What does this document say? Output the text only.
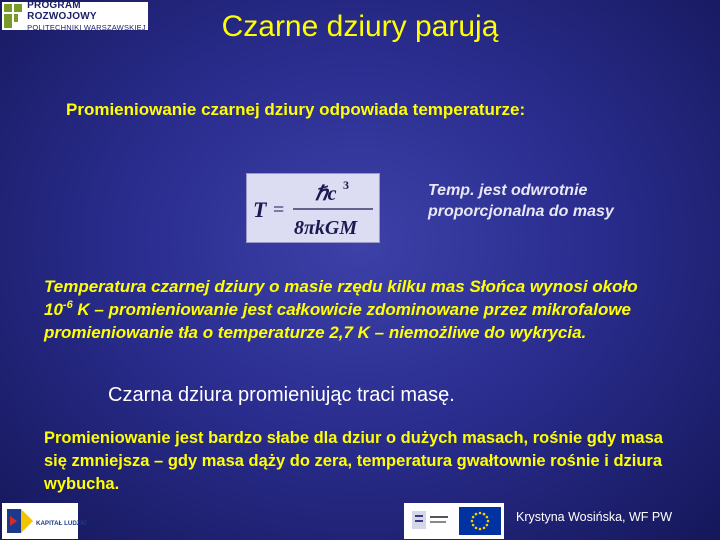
PROGRAM ROZWOJOWY
POLITECHNIKI WARSZAWSKIEJ	Czarne dziury parują
Promieniowanie czarnej dziury odpowiada temperaturze:
T =
ℏc 3
8πkGM
Temp. jest odwrotnie proporcjonalna do masy
Temperatura czarnej dziury o masie rzędu kilku mas Słońca wynosi około $10^{-6}$ K – promieniowanie jest całkowicie zdominowane przez mikrofalowe promieniowanie tła o temperaturze 2,7 K – niemożliwe do wykrycia.
Czarna dziura promieniując traci masę.
Promieniowanie jest bardzo słabe dla dziur o dużych masach, rośnie gdy masa się zmniejsza – gdy masa dąży do zera, temperatura gwałtownie rośnie i dziura wybucha.
KAPITAŁ LUDZKI	Krystyna Wosińska, WF PW
